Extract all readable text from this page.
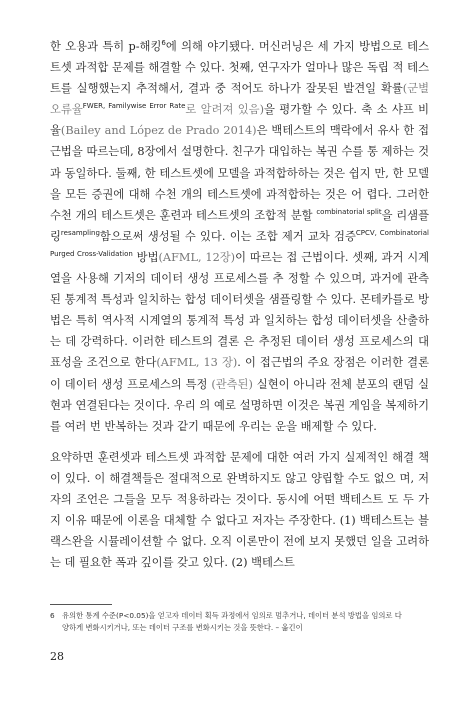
한 오용과 특히 p-해킹$^6$에 의해 야기됐다. 머신러닝은 세 가지 방법으로 테스트셋 과적합 문제를 해결할 수 있다. 첫째, 연구자가 얼마나 많은 독립 적 테스트를 실행했는지 추적해서, 결과 중 적어도 하나가 잘못된 발견일 확률(군별 오류율$^{FWER, Familywise Error Rate}$로 알려져 있음)을 평가할 수 있다. 축 소 샤프 비율(Bailey and López de Prado 2014)은 백테스트의 맥락에서 유사 한 접근법을 따르는데, 8장에서 설명한다. 친구가 대입하는 복권 수를 통 제하는 것과 동일하다. 둘째, 한 테스트셋에 모델을 과적합하하는 것은 쉽지 만, 한 모델을 모든 증권에 대해 수천 개의 테스트셋에 과적합하는 것은 어 렵다. 그러한 수천 개의 테스트셋은 훈련과 테스트셋의 조합적 분할 $^{combinatorial split}$을 리샘플링$^{resampling}$함으로써 생성될 수 있다. 이는 조합 제거 교차 검증$^{CPCV, Combinatorial Purged Cross-Validation}$ 방법(AFML, 12장)이 따르는 접 근법이다. 셋째, 과거 시계열을 사용해 기저의 데이터 생성 프로세스를 추 정할 수 있으며, 과거에 관측된 통계적 특성과 일치하는 합성 데이터셋을 샘플링할 수 있다. 몬테카를로 방법은 특히 역사적 시계열의 통계적 특성 과 일치하는 합성 데이터셋을 산출하는 데 강력하다. 이러한 테스트의 결론 은 추정된 데이터 생성 프로세스의 대표성을 조건으로 한다(AFML, 13 장). 이 접근법의 주요 장점은 이러한 결론이 데이터 생성 프로세스의 특정 (관측된) 실현이 아니라 전체 분포의 랜덤 실현과 연결된다는 것이다. 우리 의 예로 설명하면 이것은 복권 게임을 복제하기를 여러 번 반복하는 것과 같기 때문에 우리는 운을 배제할 수 있다.

요약하면 훈련셋과 테스트셋 과적합 문제에 대한 여러 가지 실제적인 해결 책이 있다. 이 해결책들은 절대적으로 완벽하지도 않고 양립할 수도 없으 며, 저자의 조언은 그들을 모두 적용하라는 것이다. 동시에 어떤 백테스트 도 두 가지 이유 때문에 이론을 대체할 수 없다고 저자는 주장한다. (1) 백테스트는 블랙스완을 시뮬레이션할 수 없다. 오직 이론만이 전에 보지 못했던 일을 고려하는 데 필요한 폭과 깊이를 갖고 있다. (2) 백테스트

6 유의한 통계 수준(P<0.05)을 얻고자 데이터 획득 과정에서 임의로 멈추거나, 데이터 분석 방법을 임의로 다
양하게 변화시키거나, 또는 데이터 구조를 변화시키는 것을 뜻한다. – 옮긴이
28
